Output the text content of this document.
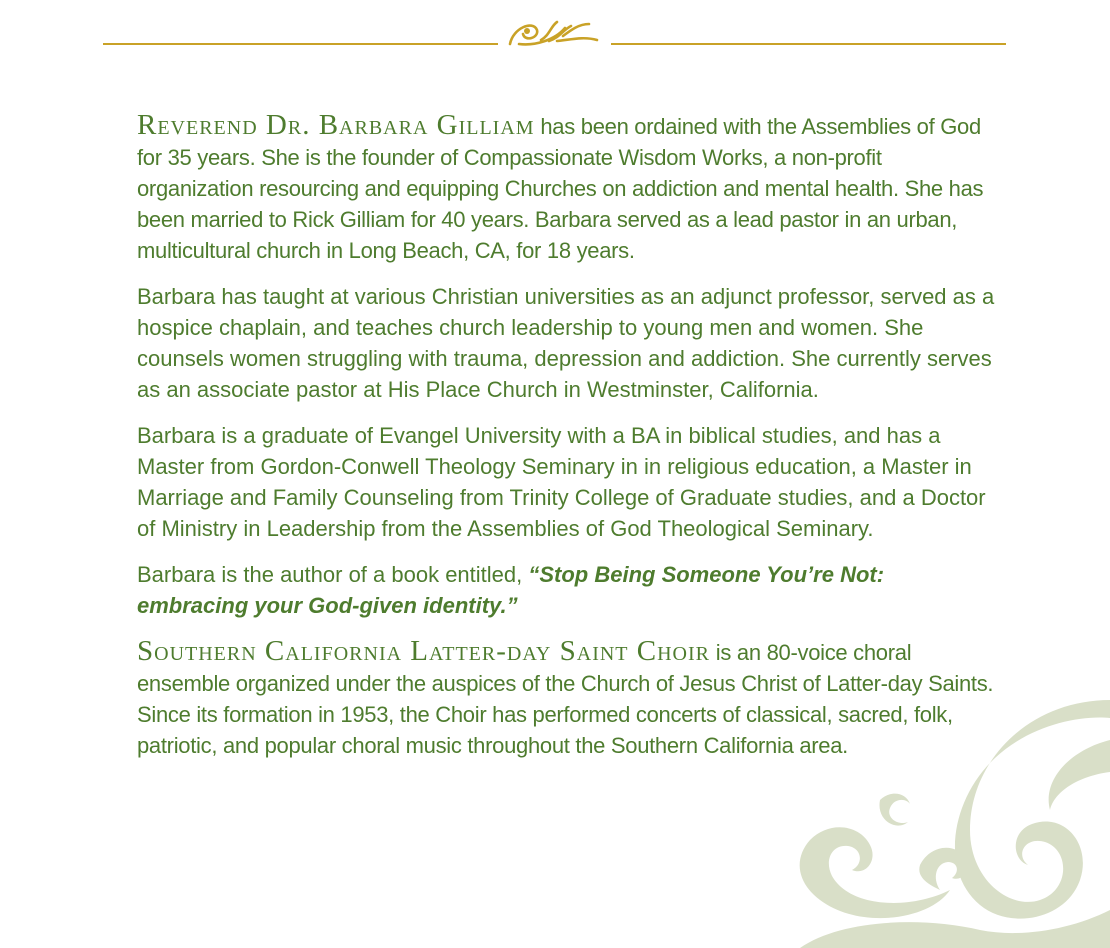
Reverend Dr. Barbara Gilliam has been ordained with the Assemblies of God for 35 years. She is the founder of Compassionate Wisdom Works, a non-profit organization resourcing and equipping Churches on addiction and mental health. She has been married to Rick Gilliam for 40 years. Barbara served as a lead pastor in an urban, multicultural church in Long Beach, CA, for 18 years.

Barbara has taught at various Christian universities as an adjunct professor, served as a hospice chaplain, and teaches church leadership to young men and women. She counsels women struggling with trauma, depression and addiction. She currently serves as an associate pastor at His Place Church in Westminster, California.

Barbara is a graduate of Evangel University with a BA in biblical studies, and has a Master from Gordon-Conwell Theology Seminary in in religious education, a Master in Marriage and Family Counseling from Trinity College of Graduate studies, and a Doctor of Ministry in Leadership from the Assemblies of God Theological Seminary.

Barbara is the author of a book entitled, “Stop Being Someone You’re Not: embracing your God-given identity.”

Southern California Latter-day Saint Choir is an 80-voice choral ensemble organized under the auspices of the Church of Jesus Christ of Latter-day Saints. Since its formation in 1953, the Choir has performed concerts of classical, sacred, folk, patriotic, and popular choral music throughout the Southern California area.
